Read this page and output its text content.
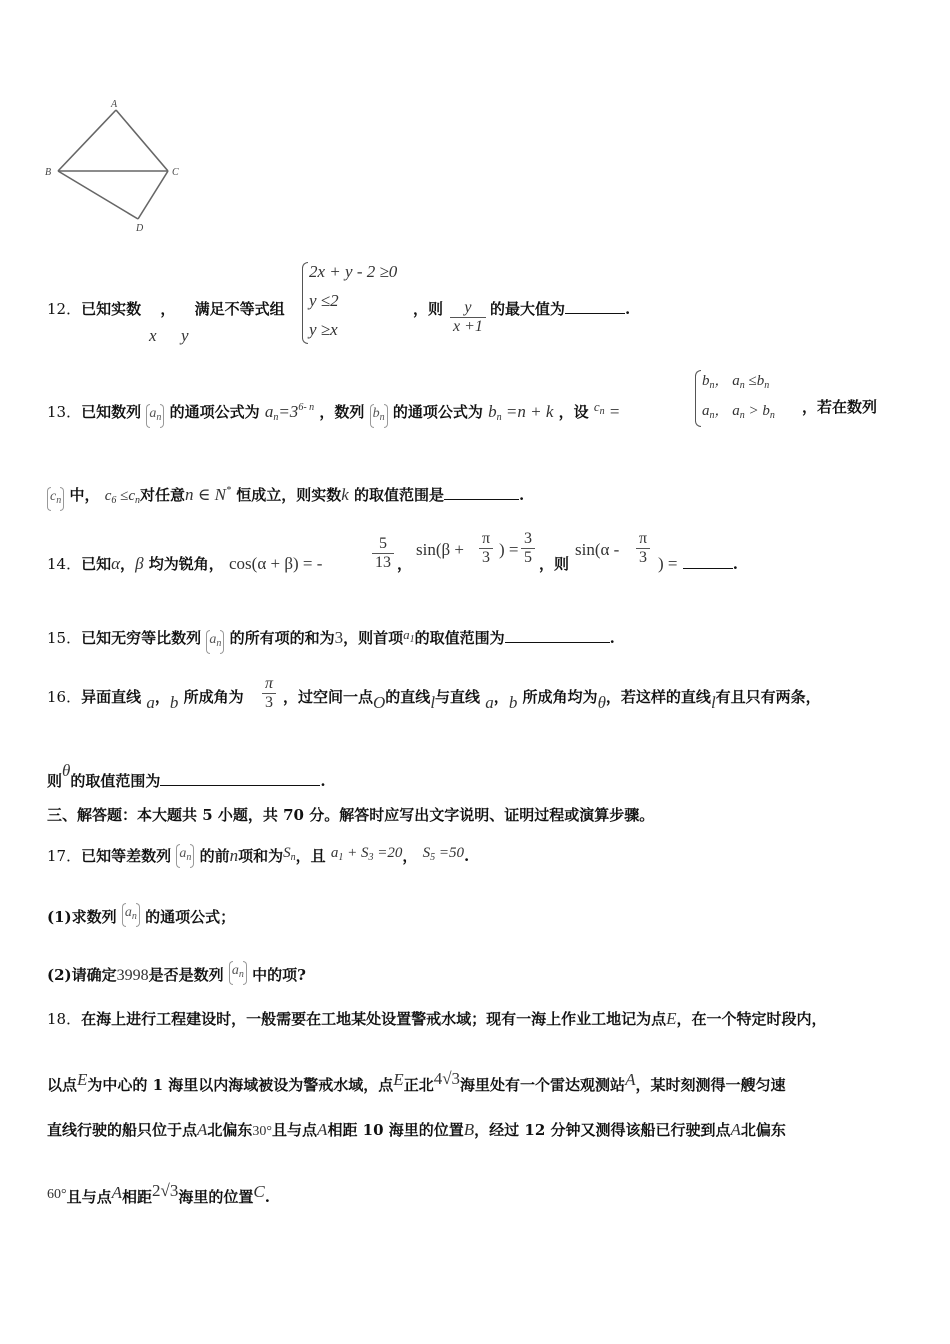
A
B	C
D
12．已知实数 ， 满足不等式组
x y
2x + y - 2 ≥0
y ≤2
y ≥x
，则 $\frac{y}{x +1}$ 的最大值为	.
13．已知数列 $a_n$ 的通项公式为 $a_n=3^{6- n}$ ，数列 $b_n$ 的通项公式为 $b_n =n + k$ ，设 $c_n$ =
$b_n$， $a_n \le b_n$
$a_n$， $a_n > b_n$ ，若在数列
$c_n$ 中， $c_6 \le c_n$对任意n ∈ N* 恒成立，则实数k 的取值范围是	.
14．已知α，β 均为锐角， cos(α + β) = -	$\frac{5}{13}$ ，
$\sin(\beta + \frac{\pi}{3}$ ) = $\frac{3}{5}$ ，则
$\sin(\alpha - \frac{\pi}{3}$ ) =	.
15．已知无穷等比数列 $a_n$ 的所有项的和为3，则首项$a_1$的取值范围为	.
16．异面直线 a，b 所成角为 $\frac{\pi}{3}$ ，过空间一点O的直线l与直线 a，b 所成角均为θ，若这样的直线l有且只有两条，
则θ的取值范围为	.
三、解答题：本大题共 5 小题，共 70 分。解答时应写出文字说明、证明过程或演算步骤。
17．已知等差数列 $a_n$ 的前n项和为$S_n$，且 $a_1 + S_3 =20$， $S_5 =50$.
(1)求数列 $a_n$ 的通项公式；
(2)请确定3998是否是数列 $a_n$ 中的项?
18．在海上进行工程建设时，一般需要在工地某处设置警戒水域；现有一海上作业工地记为点E，在一个特定时段内，
以点E为中心的 1 海里以内海域被设为警戒水域，点E正北4√3海里处有一个雷达观测站A，某时刻测得一艘匀速
直线行驶的船只位于点A北偏东30°且与点A相距 10 海里的位置B，经过 12 分钟又测得该船已行驶到点A北偏东
60°且与点A相距2√3海里的位置C.
